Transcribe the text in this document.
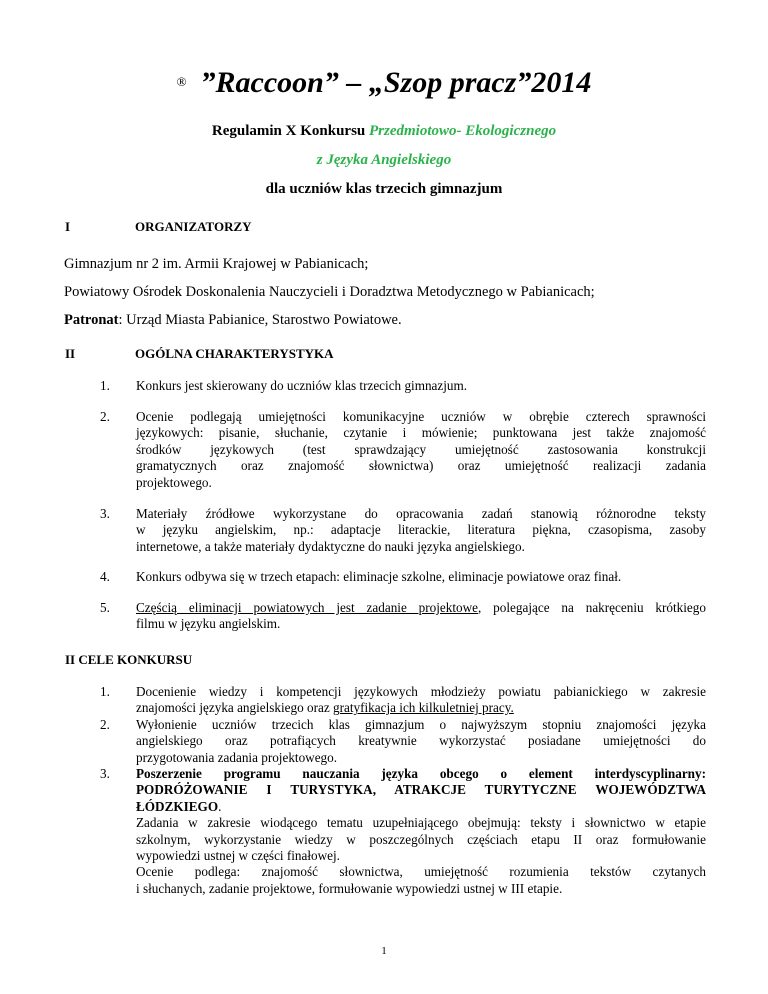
® ”Raccoon” – „Szop pracz”2014
Regulamin X Konkursu Przedmiotowo- Ekologicznego
z Języka Angielskiego
dla uczniów klas trzecich gimnazjum
I	ORGANIZATORZY
Gimnazjum nr 2 im. Armii Krajowej w Pabianicach;
Powiatowy Ośrodek Doskonalenia Nauczycieli i Doradztwa Metodycznego w Pabianicach;
Patronat: Urząd Miasta Pabianice, Starostwo Powiatowe.
II	OGÓLNA CHARAKTERYSTYKA
1.	Konkurs jest skierowany do uczniów klas trzecich gimnazjum.
2.	Ocenie podlegają umiejętności komunikacyjne uczniów w obrębie czterech sprawności
językowych: pisanie, słuchanie, czytanie i mówienie; punktowana jest także znajomość
środków językowych (test sprawdzający umiejętność zastosowania konstrukcji
gramatycznych oraz znajomość słownictwa) oraz umiejętność realizacji zadania
projektowego.
3.	Materiały źródłowe wykorzystane do opracowania zadań stanowią różnorodne teksty
w języku angielskim, np.: adaptacje literackie, literatura piękna, czasopisma, zasoby
internetowe, a także materiały dydaktyczne do nauki języka angielskiego.
4.	Konkurs odbywa się w trzech etapach: eliminacje szkolne, eliminacje powiatowe oraz finał.
5.	Częścią eliminacji powiatowych jest zadanie projektowe, polegające na nakręceniu krótkiego
filmu w języku angielskim.
II CELE KONKURSU
1.	Docenienie wiedzy i kompetencji językowych młodzieży powiatu pabianickiego w zakresie
znajomości języka angielskiego oraz gratyfikacja ich kilkuletniej pracy.
2.	Wyłonienie uczniów trzecich klas gimnazjum o najwyższym stopniu znajomości języka
angielskiego oraz potrafiących kreatywnie wykorzystać posiadane umiejętności do
przygotowania zadania projektowego.
3.	Poszerzenie programu nauczania języka obcego o element interdyscyplinarny:
PODRÓŻOWANIE I TURYSTYKA, ATRAKCJE TURYTYCZNE WOJEWÓDZTWA
ŁÓDZKIEGO.
Zadania w zakresie wiodącego tematu uzupełniającego obejmują: teksty i słownictwo w etapie
szkolnym, wykorzystanie wiedzy w poszczególnych częściach etapu II oraz formułowanie
wypowiedzi ustnej w części finałowej.
Ocenie podlega: znajomość słownictwa, umiejętność rozumienia tekstów czytanych
i słuchanych, zadanie projektowe, formułowanie wypowiedzi ustnej w III etapie.
1
